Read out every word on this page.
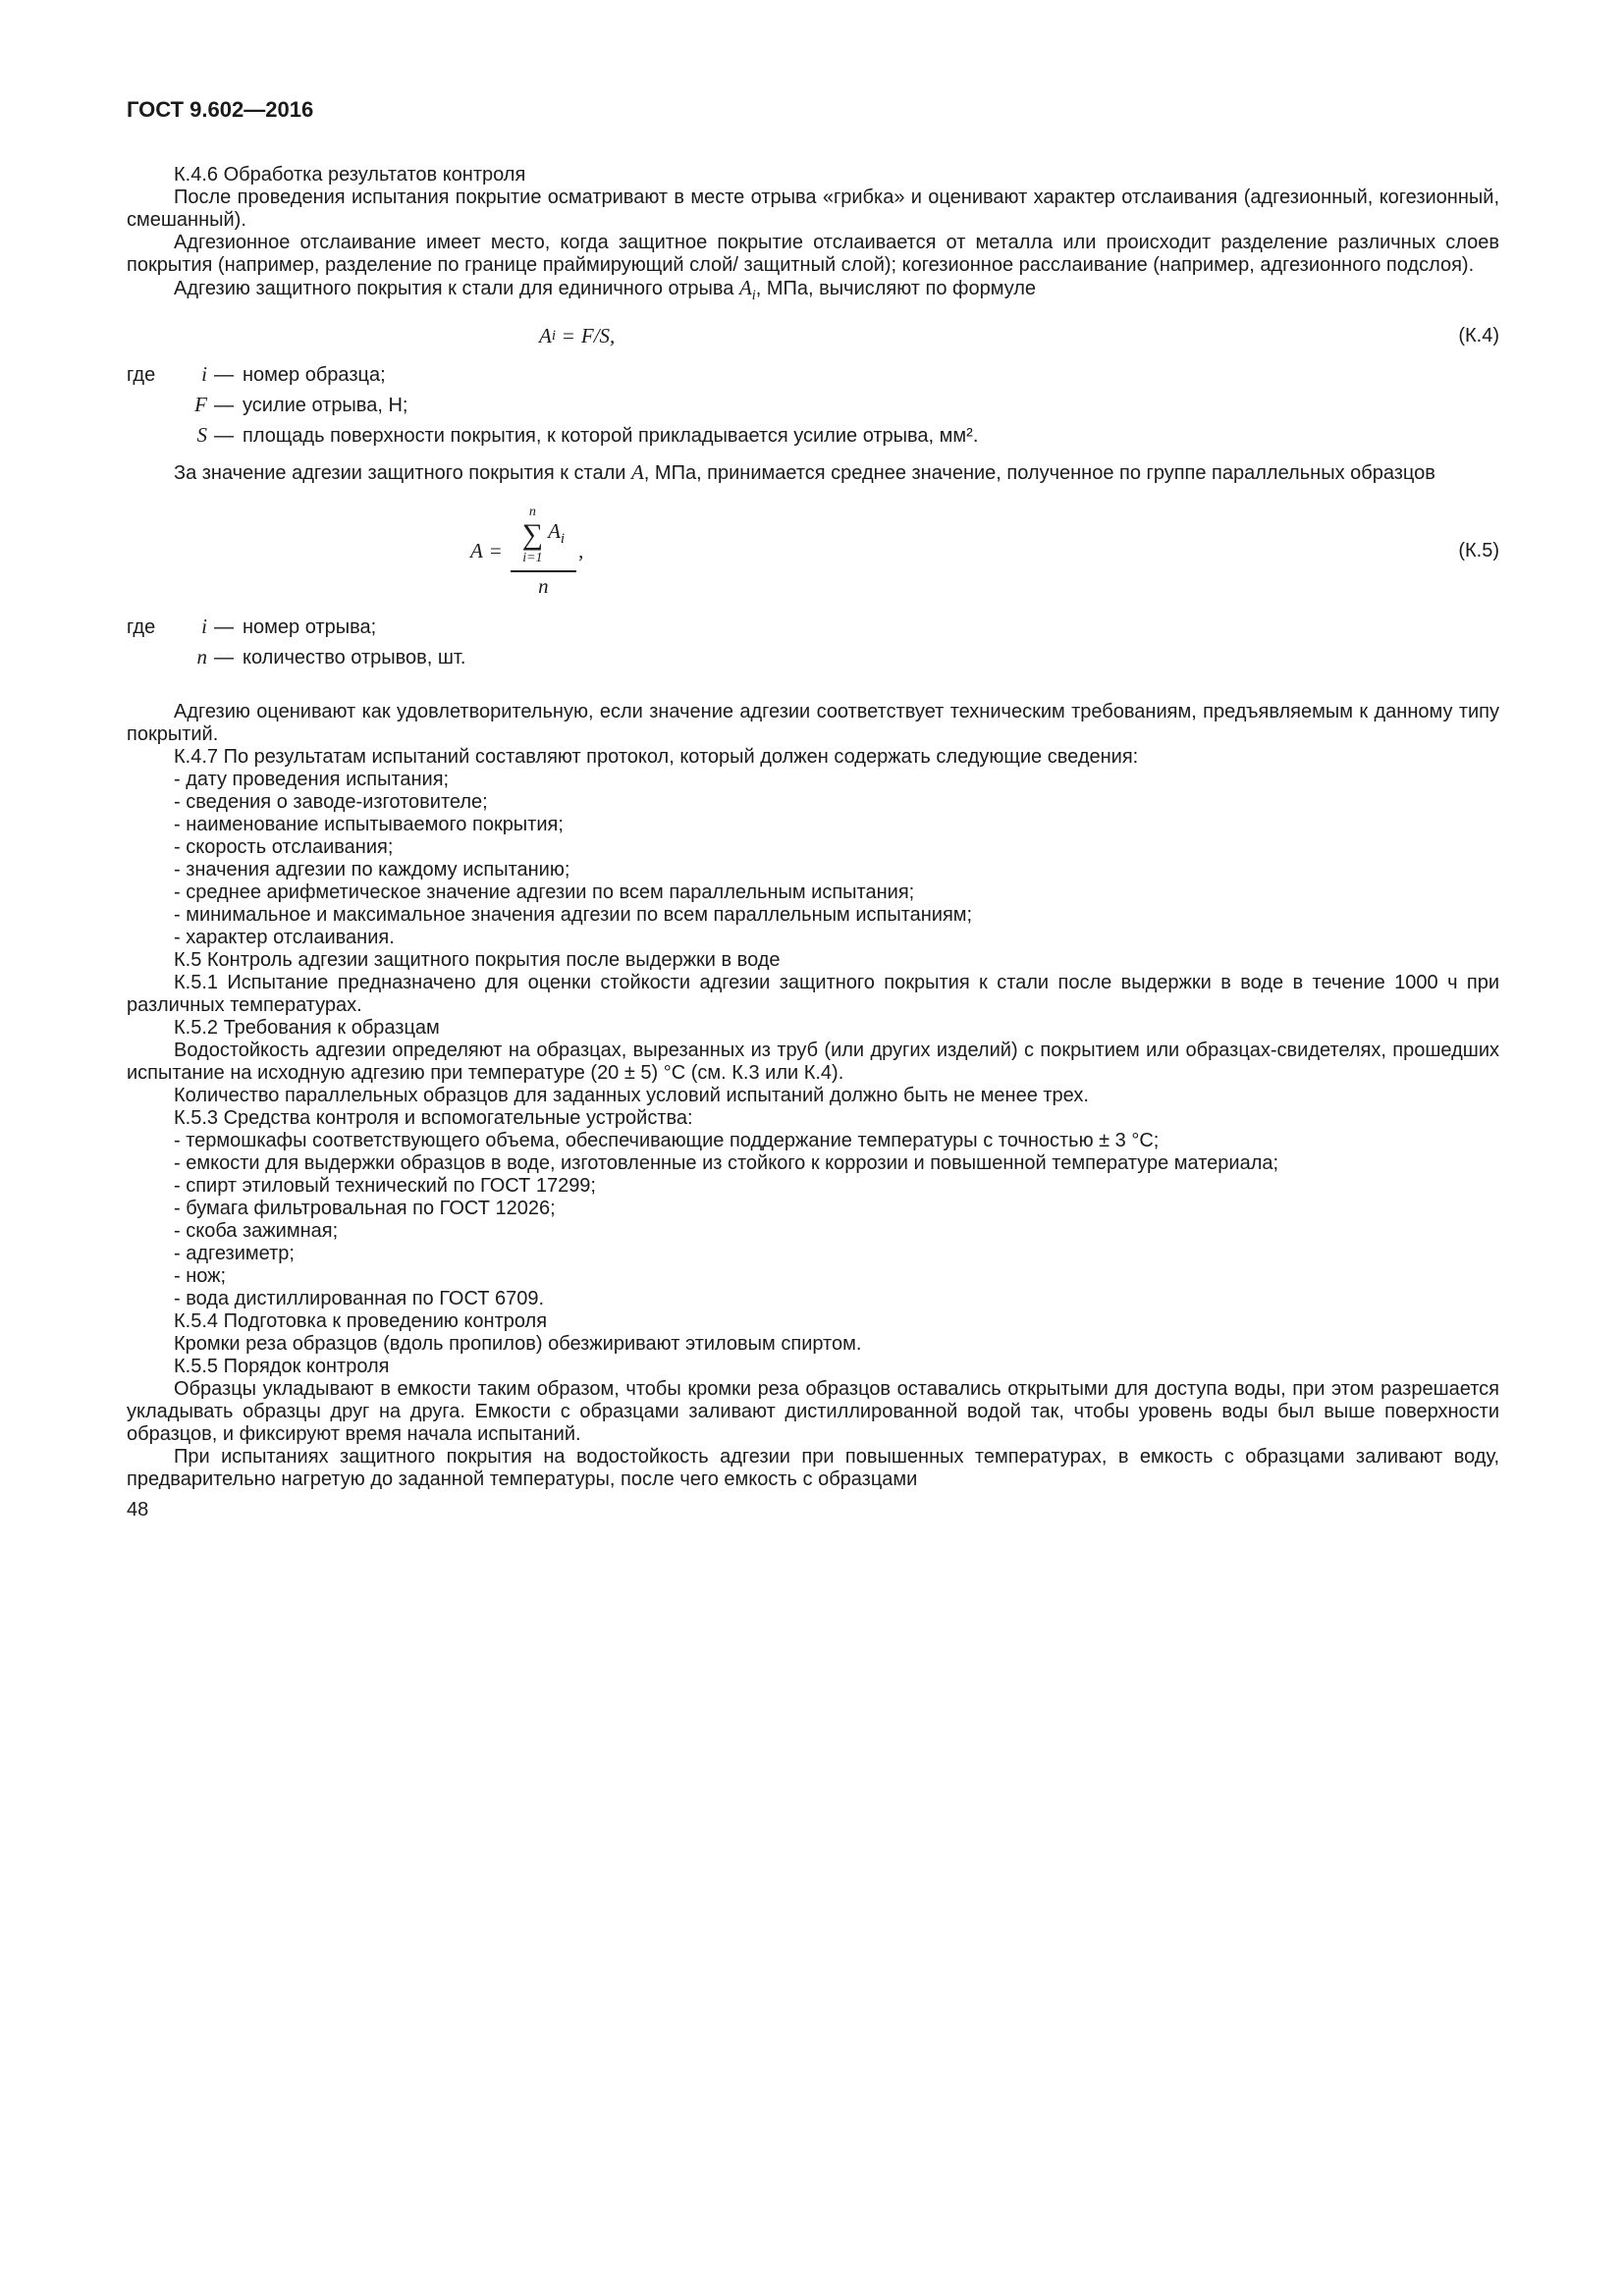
ГОСТ 9.602—2016

К.4.6 Обработка результатов контроля

После проведения испытания покрытие осматривают в месте отрыва «грибка» и оценивают характер отслаивания (адгезионный, когезионный, смешанный).

Адгезионное отслаивание имеет место, когда защитное покрытие отслаивается от металла или происходит разделение различных слоев покрытия (например, разделение по границе праймирующий слой/ защитный слой); когезионное расслаивание (например, адгезионного подслоя).

Адгезию защитного покрытия к стали для единичного отрыва $A_i$, МПа, вычисляют по формуле

A i = F/S,	(К.4)
где	i — номер образца;
F — усилие отрыва, Н;
S — площадь поверхности покрытия, к которой прикладывается усилие отрыва, мм².

За значение адгезии защитного покрытия к стали A, МПа, принимается среднее значение, полученное по группе параллельных образцов

A =
n
∑
i=1
$A_i$
n
,	(К.5)
где	i — номер отрыва;
n — количество отрывов, шт.

Адгезию оценивают как удовлетворительную, если значение адгезии соответствует техническим требованиям, предъявляемым к данному типу покрытий.

К.4.7 По результатам испытаний составляют протокол, который должен содержать следующие сведения:

- дату проведения испытания;

- сведения о заводе-изготовителе;

- наименование испытываемого покрытия;

- скорость отслаивания;

- значения адгезии по каждому испытанию;

- среднее арифметическое значение адгезии по всем параллельным испытания;

- минимальное и максимальное значения адгезии по всем параллельным испытаниям;

- характер отслаивания.

К.5 Контроль адгезии защитного покрытия после выдержки в воде

К.5.1 Испытание предназначено для оценки стойкости адгезии защитного покрытия к стали после выдержки в воде в течение 1000 ч при различных температурах.

К.5.2 Требования к образцам

Водостойкость адгезии определяют на образцах, вырезанных из труб (или других изделий) с покрытием или образцах-свидетелях, прошедших испытание на исходную адгезию при температуре (20 ± 5) °С (см. К.3 или К.4).

Количество параллельных образцов для заданных условий испытаний должно быть не менее трех.

К.5.3 Средства контроля и вспомогательные устройства:

- термошкафы соответствующего объема, обеспечивающие поддержание температуры с точностью ± 3 °С;

- емкости для выдержки образцов в воде, изготовленные из стойкого к коррозии и повышенной температуре материала;

- спирт этиловый технический по ГОСТ 17299;

- бумага фильтровальная по ГОСТ 12026;

- скоба зажимная;

- адгезиметр;

- нож;

- вода дистиллированная по ГОСТ 6709.

К.5.4 Подготовка к проведению контроля

Кромки реза образцов (вдоль пропилов) обезжиривают этиловым спиртом.

К.5.5 Порядок контроля

Образцы укладывают в емкости таким образом, чтобы кромки реза образцов оставались открытыми для доступа воды, при этом разрешается укладывать образцы друг на друга. Емкости с образцами заливают дистиллированной водой так, чтобы уровень воды был выше поверхности образцов, и фиксируют время начала испытаний.

При испытаниях защитного покрытия на водостойкость адгезии при повышенных температурах, в емкость с образцами заливают воду, предварительно нагретую до заданной температуры, после чего емкость с образцами

48
